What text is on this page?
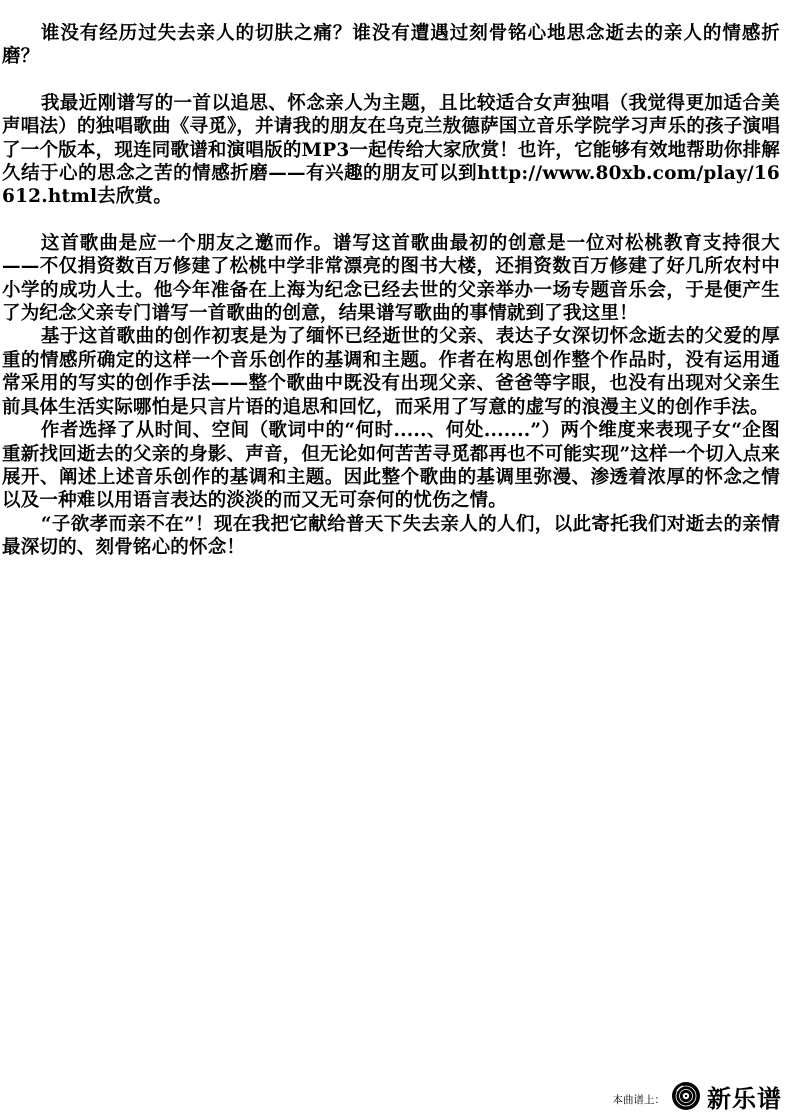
谁没有经历过失去亲人的切肤之痛？谁没有遭遇过刻骨铭心地思念逝去的亲人的情感折磨？

我最近刚谱写的一首以追思、怀念亲人为主题，且比较适合女声独唱（我觉得更加适合美声唱法）的独唱歌曲《寻觅》，并请我的朋友在乌克兰敖德萨国立音乐学院学习声乐的孩子演唱了一个版本，现连同歌谱和演唱版的MP3一起传给大家欣赏！也许，它能够有效地帮助你排解久结于心的思念之苦的情感折磨——有兴趣的朋友可以到http://www.80xb.com/play/16612.html去欣赏。

这首歌曲是应一个朋友之邀而作。谱写这首歌曲最初的创意是一位对松桃教育支持很大——不仅捐资数百万修建了松桃中学非常漂亮的图书大楼，还捐资数百万修建了好几所农村中小学的成功人士。他今年准备在上海为纪念已经去世的父亲举办一场专题音乐会，于是便产生了为纪念父亲专门谱写一首歌曲的创意，结果谱写歌曲的事情就到了我这里！

基于这首歌曲的创作初衷是为了缅怀已经逝世的父亲、表达子女深切怀念逝去的父爱的厚重的情感所确定的这样一个音乐创作的基调和主题。作者在构思创作整个作品时，没有运用通常采用的写实的创作手法——整个歌曲中既没有出现父亲、爸爸等字眼，也没有出现对父亲生前具体生活实际哪怕是只言片语的追思和回忆，而采用了写意的虚写的浪漫主义的创作手法。

作者选择了从时间、空间（歌词中的“何时.....、何处.......”）两个维度来表现子女“企图重新找回逝去的父亲的身影、声音，但无论如何苦苦寻觅都再也不可能实现”这样一个切入点来展开、阐述上述音乐创作的基调和主题。因此整个歌曲的基调里弥漫、渗透着浓厚的怀念之情以及一种难以用语言表达的淡淡的而又无可奈何的忧伤之情。

“子欲孝而亲不在”！现在我把它献给普天下失去亲人的人们，以此寄托我们对逝去的亲情最深切的、刻骨铭心的怀念！

本曲谱上： 新乐谱
